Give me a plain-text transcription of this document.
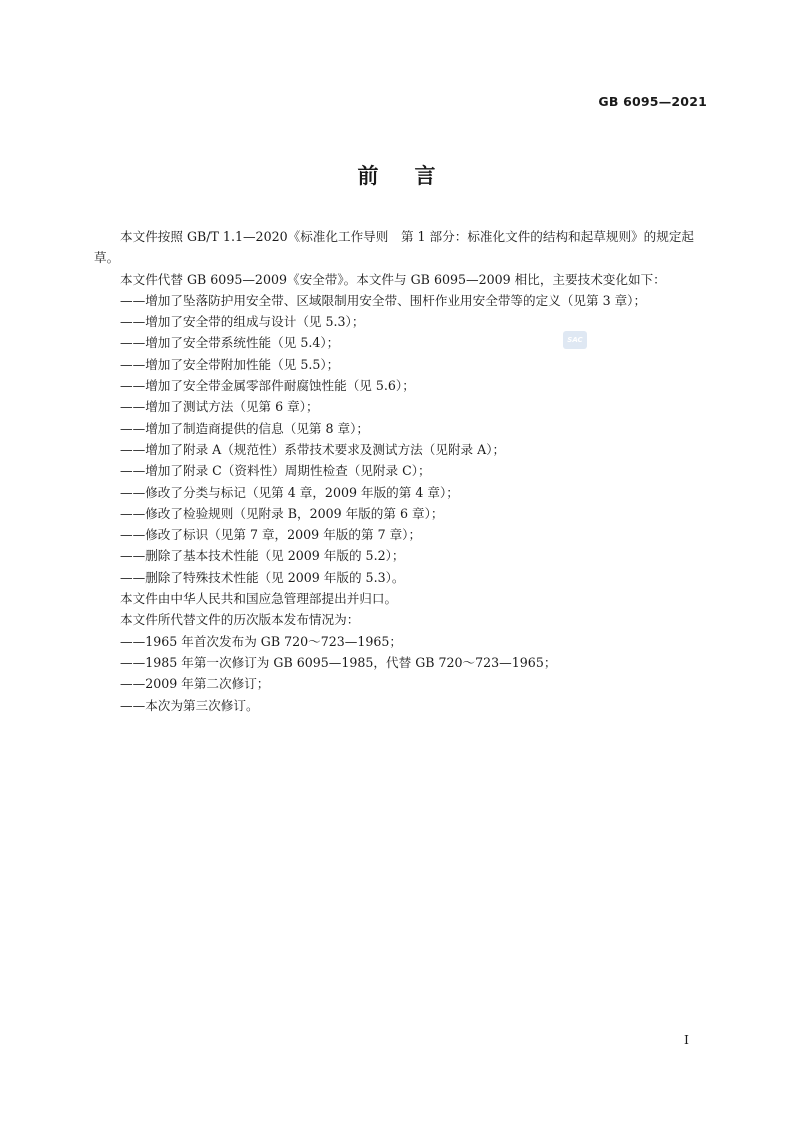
GB 6095—2021
前言
SAC

本文件按照 GB/T 1.1—2020《标准化工作导则　第 1 部分：标准化文件的结构和起草规则》的规定起草。

本文件代替 GB 6095—2009《安全带》。本文件与 GB 6095—2009 相比，主要技术变化如下：

——增加了坠落防护用安全带、区域限制用安全带、围杆作业用安全带等的定义（见第 3 章）；

——增加了安全带的组成与设计（见 5.3）；

——增加了安全带系统性能（见 5.4）；

——增加了安全带附加性能（见 5.5）；

——增加了安全带金属零部件耐腐蚀性能（见 5.6）；

——增加了测试方法（见第 6 章）；

——增加了制造商提供的信息（见第 8 章）；

——增加了附录 A（规范性）系带技术要求及测试方法（见附录 A）；

——增加了附录 C（资料性）周期性检查（见附录 C）；

——修改了分类与标记（见第 4 章，2009 年版的第 4 章）；

——修改了检验规则（见附录 B，2009 年版的第 6 章）；

——修改了标识（见第 7 章，2009 年版的第 7 章）；

——删除了基本技术性能（见 2009 年版的 5.2）；

——删除了特殊技术性能（见 2009 年版的 5.3）。

本文件由中华人民共和国应急管理部提出并归口。

本文件所代替文件的历次版本发布情况为：

——1965 年首次发布为 GB 720～723—1965；

——1985 年第一次修订为 GB 6095—1985，代替 GB 720～723—1965；

——2009 年第二次修订；

——本次为第三次修订。

I
